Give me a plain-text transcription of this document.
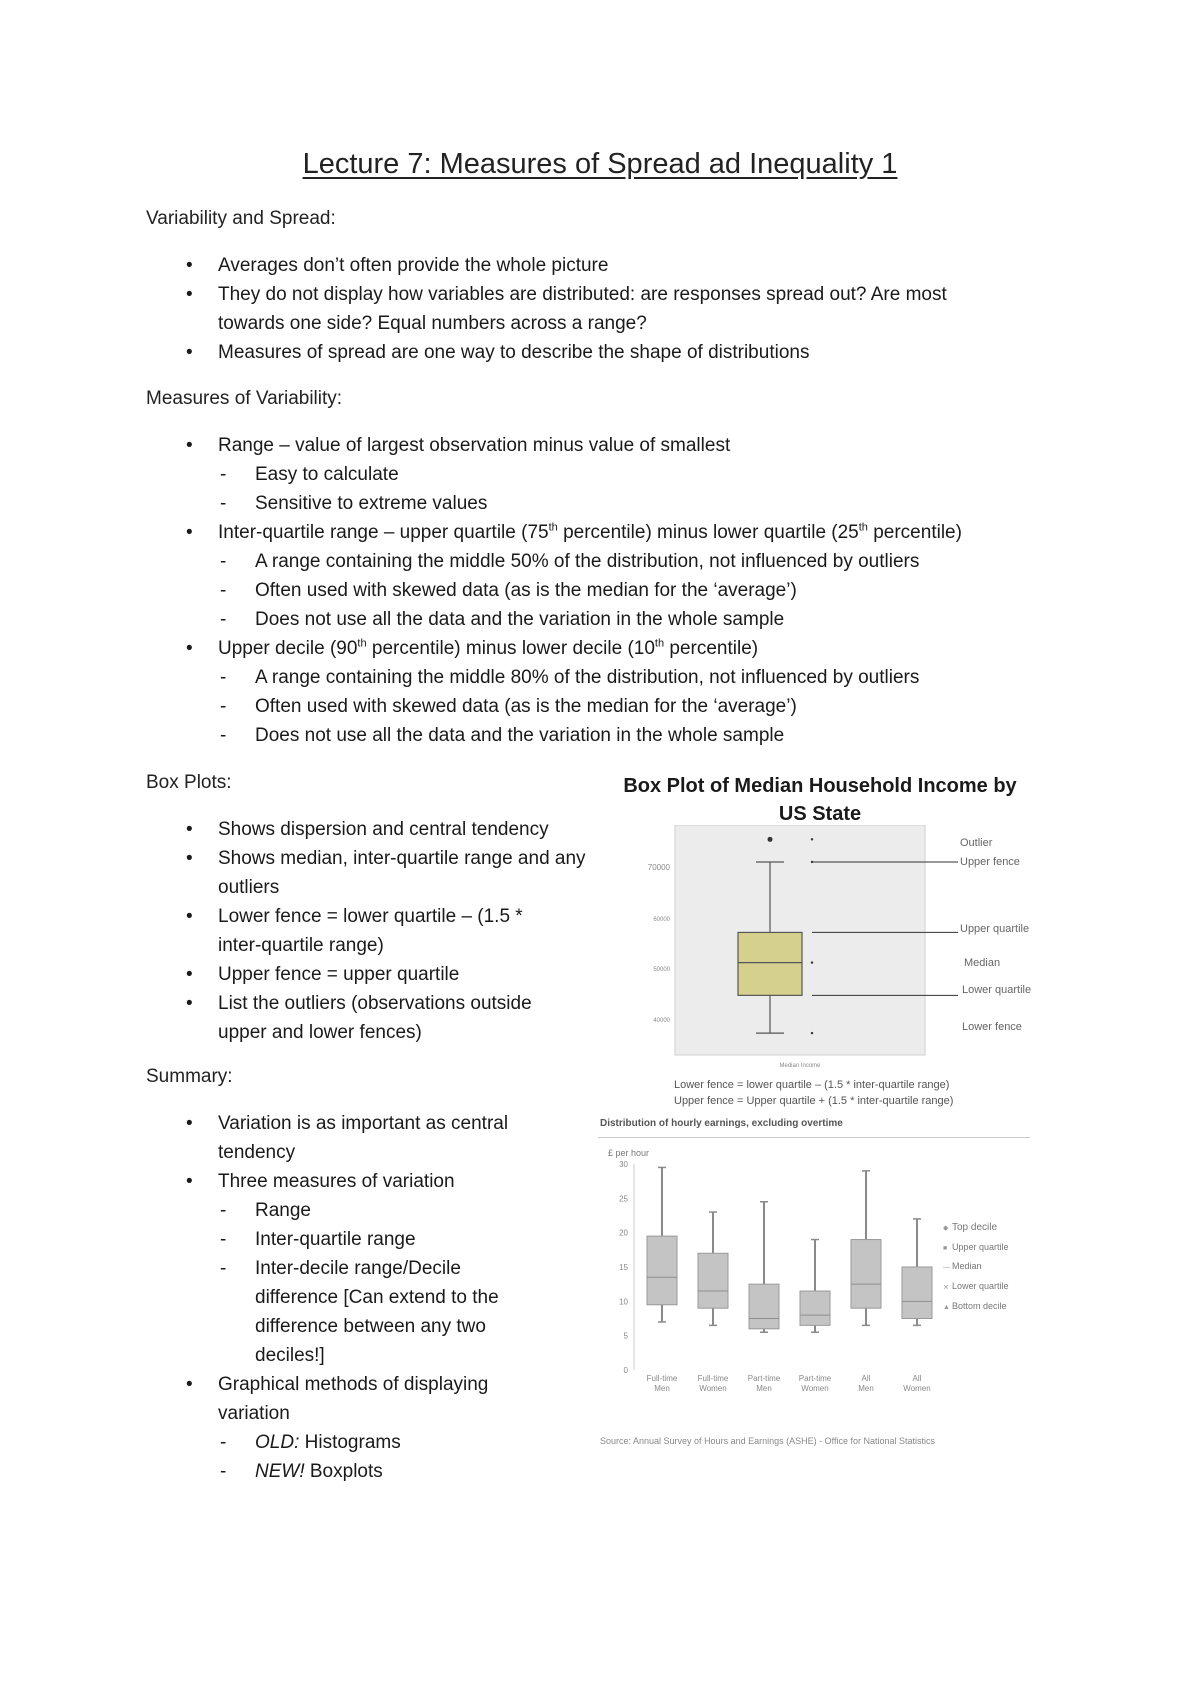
Lecture 7: Measures of Spread ad Inequality 1
Variability and Spread:
• Averages don’t often provide the whole picture
• They do not display how variables are distributed: are responses spread out? Are most towards one side? Equal numbers across a range?
• Measures of spread are one way to describe the shape of distributions
Measures of Variability:
• Range – value of largest observation minus value of smallest
- Easy to calculate
- Sensitive to extreme values
• Inter-quartile range – upper quartile (75th percentile) minus lower quartile (25th percentile)
- A range containing the middle 50% of the distribution, not influenced by outliers
- Often used with skewed data (as is the median for the ‘average’)
- Does not use all the data and the variation in the whole sample
• Upper decile (90th percentile) minus lower decile (10th percentile)
- A range containing the middle 80% of the distribution, not influenced by outliers
- Often used with skewed data (as is the median for the ‘average’)
- Does not use all the data and the variation in the whole sample
Box Plots:
• Shows dispersion and central tendency
• Shows median, inter-quartile range and any outliers
• Lower fence = lower quartile – (1.5 * inter-quartile range)
• Upper fence = upper quartile
• List the outliers (observations outside upper and lower fences)
Summary:
• Variation is as important as central tendency
• Three measures of variation
- Range
- Inter-quartile range
- Inter-decile range/Decile difference [Can extend to the difference between any two deciles!]
• Graphical methods of displaying variation
- OLD: Histograms
- NEW! Boxplots
Box Plot of Median Household Income by US State
70000
60000
50000
40000
Median Income
Outlier
Upper fence
Upper quartile
Median
Lower quartile
Lower fence
Lower fence = lower quartile – (1.5 * inter-quartile range)
Upper fence = Upper quartile + (1.5 * inter-quartile range)
Distribution of hourly earnings, excluding overtime
£ per hour
30
25
20
15
10
5
0
Full-time Men
Full-time Women
Part-time Men
Part-time Women
All Men
All Women
◆
■
—
✕
▲
Top decile
Upper quartile
Median
Lower quartile
Bottom decile
Source: Annual Survey of Hours and Earnings (ASHE) - Office for National Statistics
